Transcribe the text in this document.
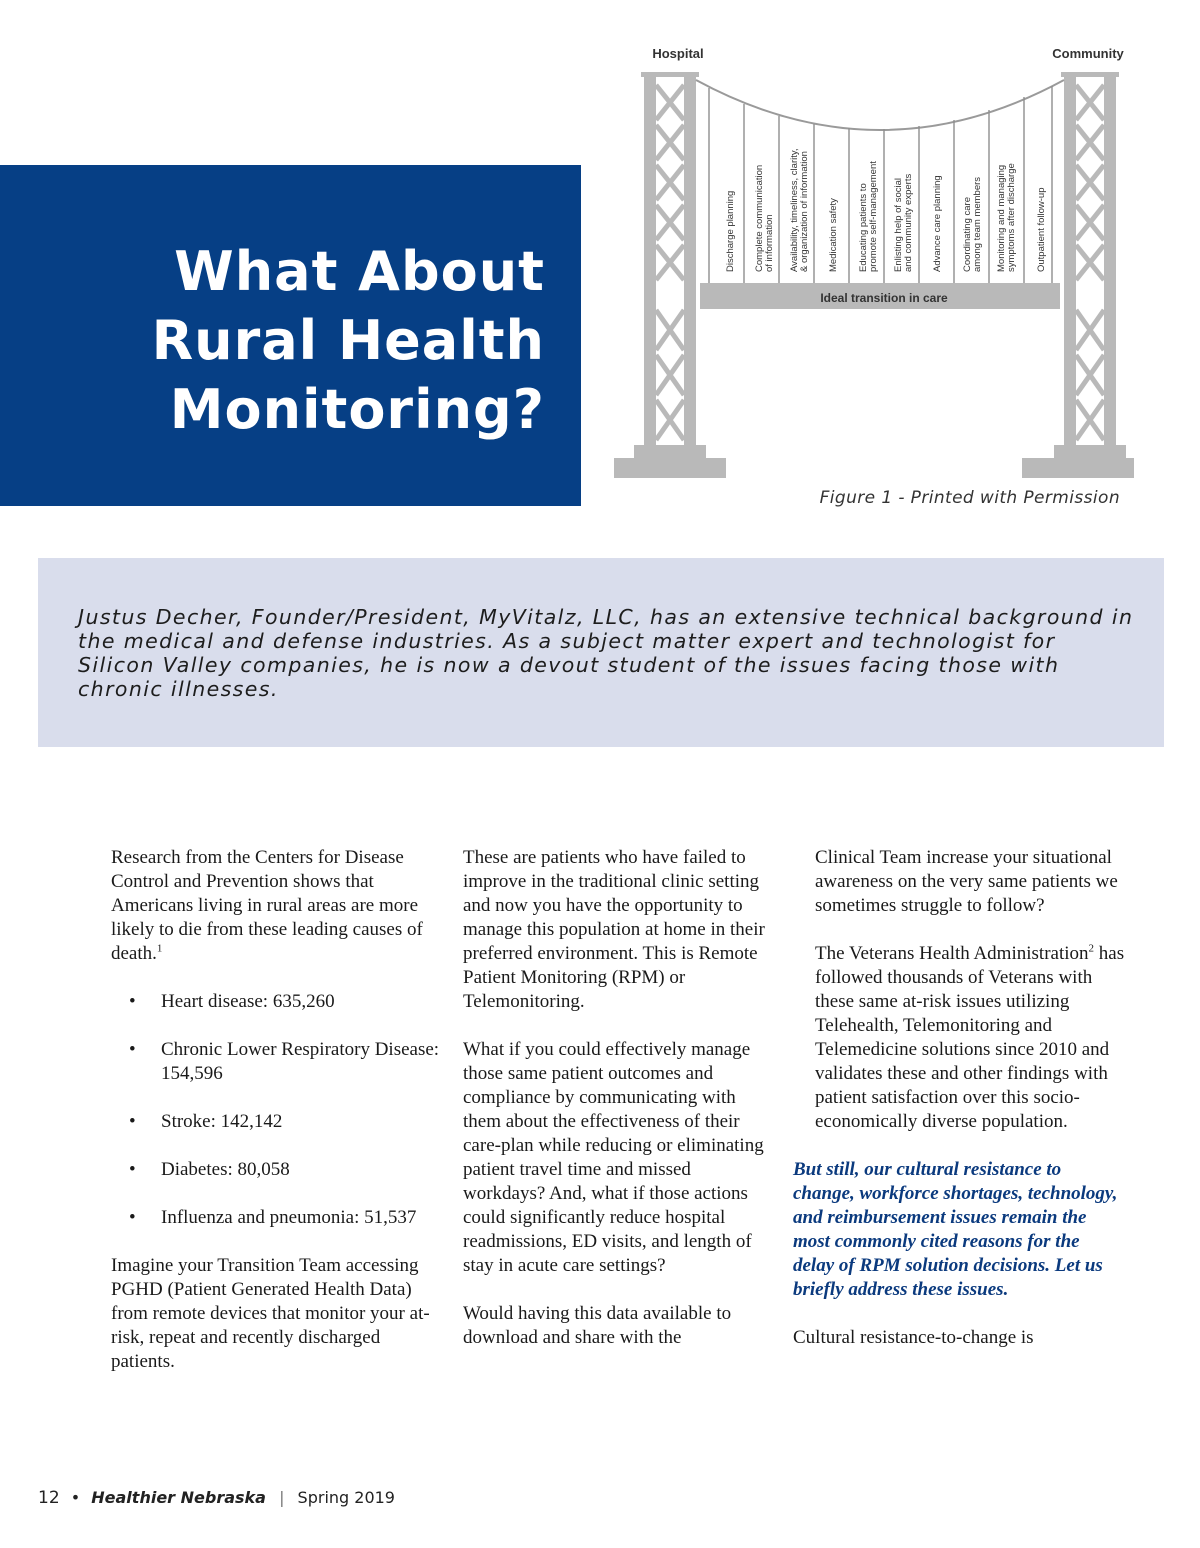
What About
Rural Health
Monitoring?
Hospital	Community
Ideal transition in care
Discharge planning Complete communicationof information Availability, timeliness, clarity,& organization of information Medication safety Educating patients topromote self-management Enlisting help of socialand community experts Advance care planning Coordinating careamong team members Monitoring and managingsymptoms after discharge Outpatient follow-up
Figure 1 - Printed with Permission

Justus Decher, Founder/President, MyVitalz, LLC, has an extensive technical background in the medical and defense industries. As a subject matter expert and technologist for Silicon Valley companies, he is now a devout student of the issues facing those with chronic illnesses.

Research from the Centers for Disease Control and Prevention shows that Americans living in rural areas are more likely to die from these leading causes of death.$^1$

• Heart disease: 635,260
• Chronic Lower Respiratory Disease: 154,596
• Stroke: 142,142
• Diabetes: 80,058
• Influenza and pneumonia: 51,537

Imagine your Transition Team accessing PGHD (Patient Generated Health Data) from remote devices that monitor your at-risk, repeat and recently discharged patients.

These are patients who have failed to improve in the traditional clinic setting and now you have the opportunity to manage this population at home in their preferred environment. This is Remote Patient Monitoring (RPM) or Telemonitoring.

What if you could effectively manage those same patient outcomes and compliance by communicating with them about the effectiveness of their care-plan while reducing or eliminating patient travel time and missed workdays? And, what if those actions could significantly reduce hospital readmissions, ED visits, and length of stay in acute care settings?

Would having this data available to download and share with the

Clinical Team increase your situational awareness on the very same patients we sometimes struggle to follow?

The Veterans Health Administration$^2$ has followed thousands of Veterans with these same at-risk issues utilizing Telehealth, Telemonitoring and Telemedicine solutions since 2010 and validates these and other findings with patient satisfaction over this socio- economically diverse population.

But still, our cultural resistance to change, workforce shortages, technology, and reimbursement issues remain the most commonly cited reasons for the delay of RPM solution decisions. Let us briefly address these issues.

Cultural resistance-to-change is

12 • Healthier Nebraska | Spring 2019
